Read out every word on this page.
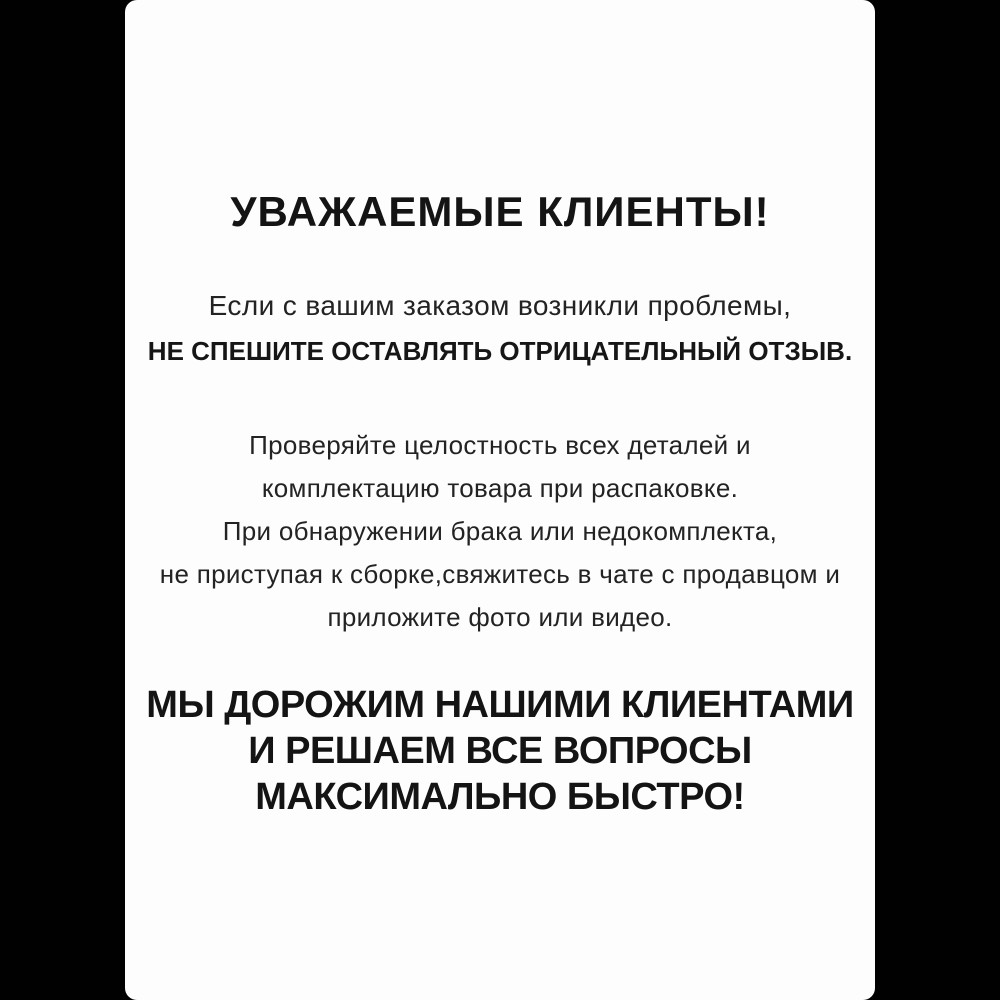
УВАЖАЕМЫЕ КЛИЕНТЫ!
Если с вашим заказом возникли проблемы,
НЕ СПЕШИТЕ ОСТАВЛЯТЬ ОТРИЦАТЕЛЬНЫЙ ОТЗЫВ.
Проверяйте целостность всех деталей и
комплектацию товара при распаковке.
При обнаружении брака или недокомплекта,
не приступая к сборке,свяжитесь в чате с продавцом и
приложите фото или видео.
МЫ ДОРОЖИМ НАШИМИ КЛИЕНТАМИ
И РЕШАЕМ ВСЕ ВОПРОСЫ
МАКСИМАЛЬНО БЫСТРО!
